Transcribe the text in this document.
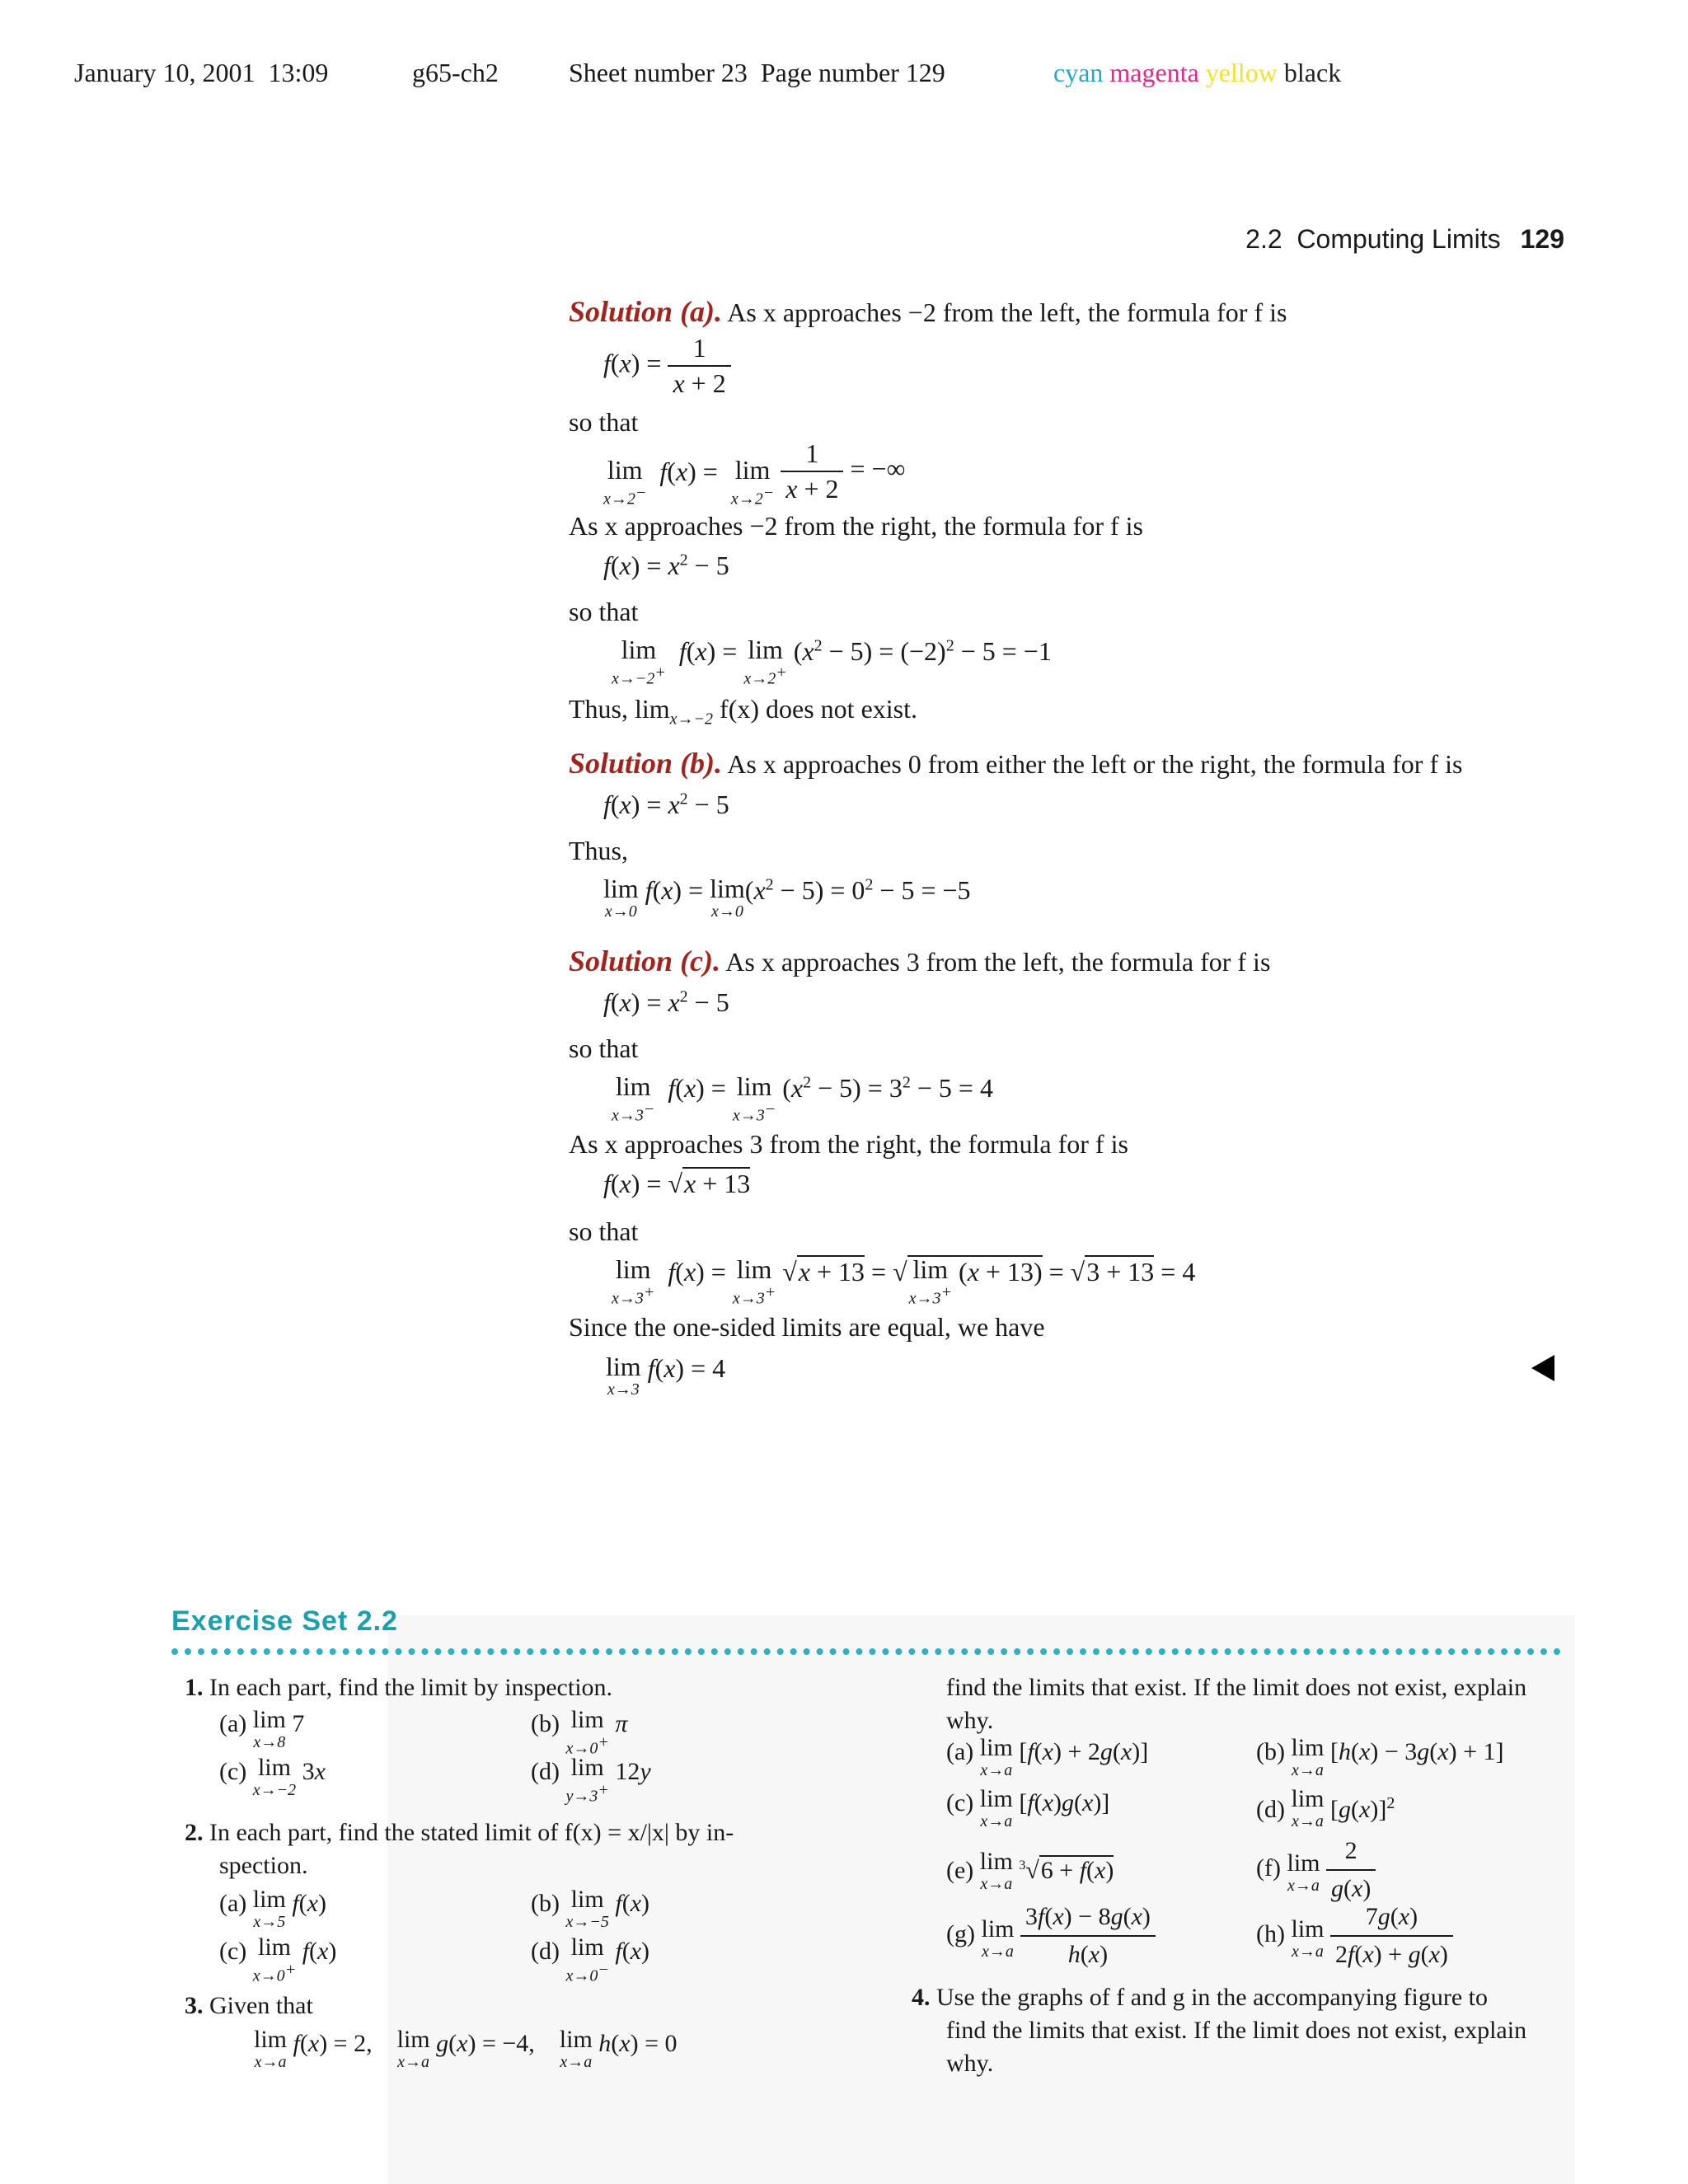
January 10, 2001 13:09	g65-ch2	Sheet number 23 Page number 129	cyan magenta yellow black
2.2 Computing Limits 129
Solution (a). As x approaches −2 from the left, the formula for f is
$f(x) = \frac{1}{x + 2}$
so that
lim
x→2−
f(x) = lim
x→2−
$\frac{1}{x + 2}$ = −∞
As x approaches −2 from the right, the formula for f is
$f(x) = x^2 - 5$
so that
lim
x→−2+
f(x) = lim
x→2+
$(x^2 - 5) = (-2)^2 - 5 = -1$
Thus, $\lim_{x\to-2} f(x)$ does not exist.
Solution (b). As x approaches 0 from either the left or the right, the formula for f is
$f(x) = x^2 - 5$
Thus,
lim
x→0
f(x) = lim
x→0
$(x^2 - 5) = 0^2 - 5 = -5$
Solution (c). As x approaches 3 from the left, the formula for f is
$f(x) = x^2 - 5$
so that
lim
x→3−
f(x) = lim
x→3−
$(x^2 - 5) = 3^2 - 5 = 4$
As x approaches 3 from the right, the formula for f is
f(x) = √x + 13
so that
lim
x→3+
f(x) = lim
x→3+
√x + 13 = √ lim
x→3+
(x + 13) = √3 + 13 = 4
Since the one-sided limits are equal, we have
lim
x→3
f(x) = 4
Exercise Set 2.2
1. In each part, find the limit by inspection.
(a) lim
x→8
7	(b) lim
x→0+
π
(c) lim
x→−2
3x	(d) lim
y→3+
12y
2. In each part, find the stated limit of f(x) = x/|x| by in-
spection.
(a) lim
x→5
f(x)	(b) lim
x→−5
f(x)
(c) lim
x→0+
f(x)	(d) lim
x→0−
f(x)
3. Given that
lim
x→a
f(x) = 2, lim
x→a
g(x) = −4, lim
x→a
h(x) = 0
find the limits that exist. If the limit does not exist, explain
why.
(a) lim
x→a
[f(x) + 2g(x)]	(b) lim
x→a
[h(x) − 3g(x) + 1]
(c) lim
x→a
[f(x)g(x)]	(d) lim
x→a $[g(x)]^2$
(e) lim
x→a
$^3$√6 + f(x)	(f) lim
x→a
$\frac{2}{g(x)}$
(g) lim
x→a
$\frac{3f(x) - 8g(x)}{h(x)}$	(h) lim
x→a
$\frac{7g(x)}{2f(x) + g(x)}$
4. Use the graphs of f and g in the accompanying figure to
find the limits that exist. If the limit does not exist, explain
why.
